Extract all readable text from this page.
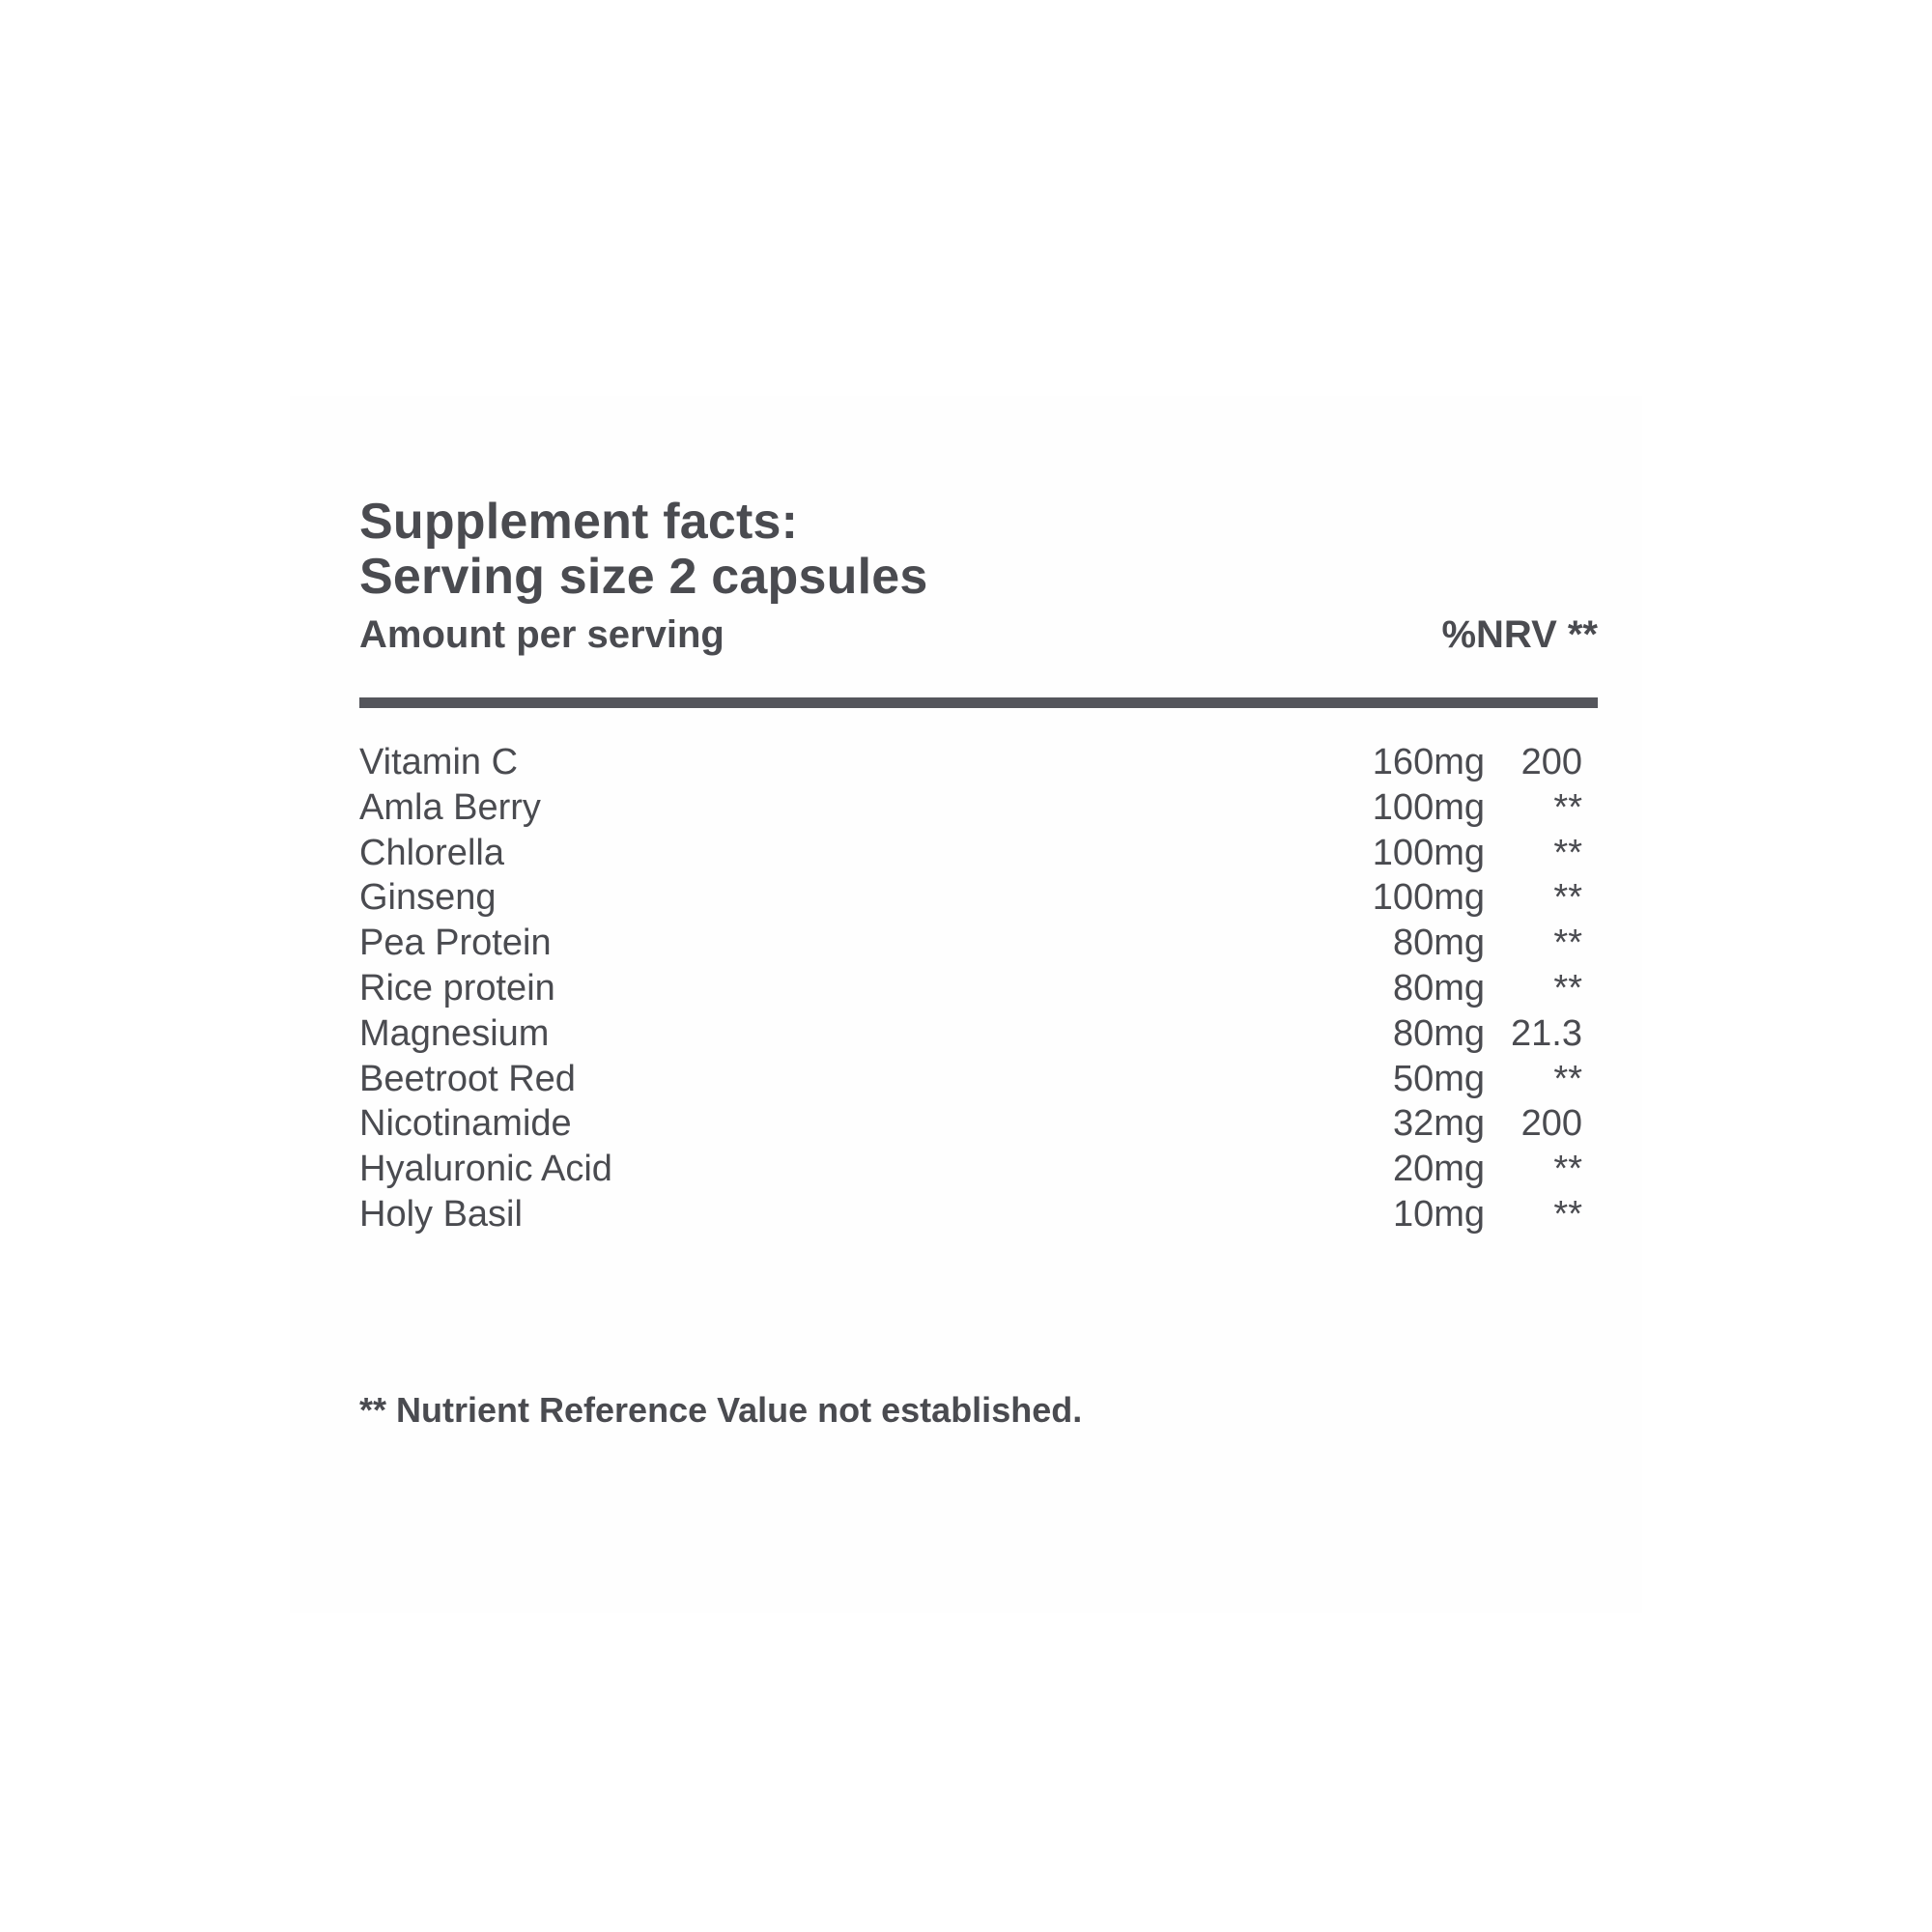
Supplement facts:
Serving size 2 capsules
Amount per serving	%NRV **
Vitamin C	160mg 200
Amla Berry	100mg **
Chlorella	100mg **
Ginseng	100mg **
Pea Protein	80mg **
Rice protein	80mg **
Magnesium	80mg 21.3
Beetroot Red	50mg **
Nicotinamide	32mg 200
Hyaluronic Acid	20mg **
Holy Basil	10mg **
** Nutrient Reference Value not established.
